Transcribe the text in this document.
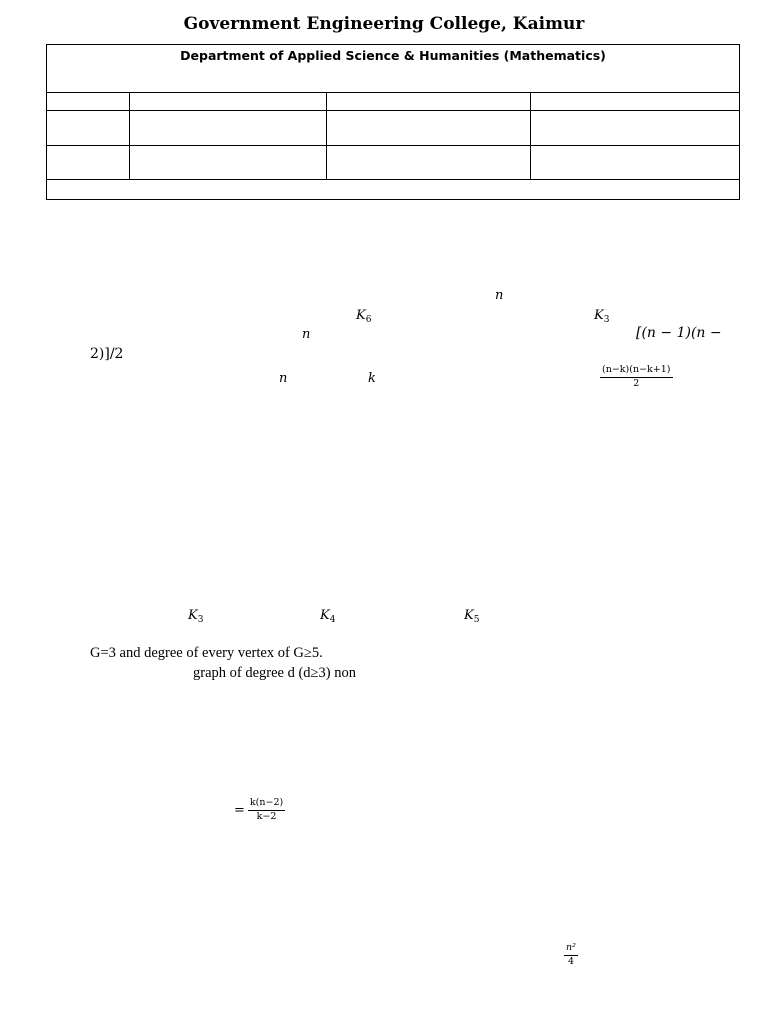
Government Engineering College, Kaimur
Department of Applied Science & Humanities (Mathematics)			

n
$K_6$	$K_3$
n	[(n − 1)(n −
2)]/2
n	k	$\frac{(n-k)(n-k+1)}{2}$
$K_3$	$K_4$	$K_5$
G=3 and degree of every vertex of G≥5.
graph of degree d (d≥3) non
= $\frac{k(n-2)}{k-2}$
$\frac{\text{n²}}{4}$
